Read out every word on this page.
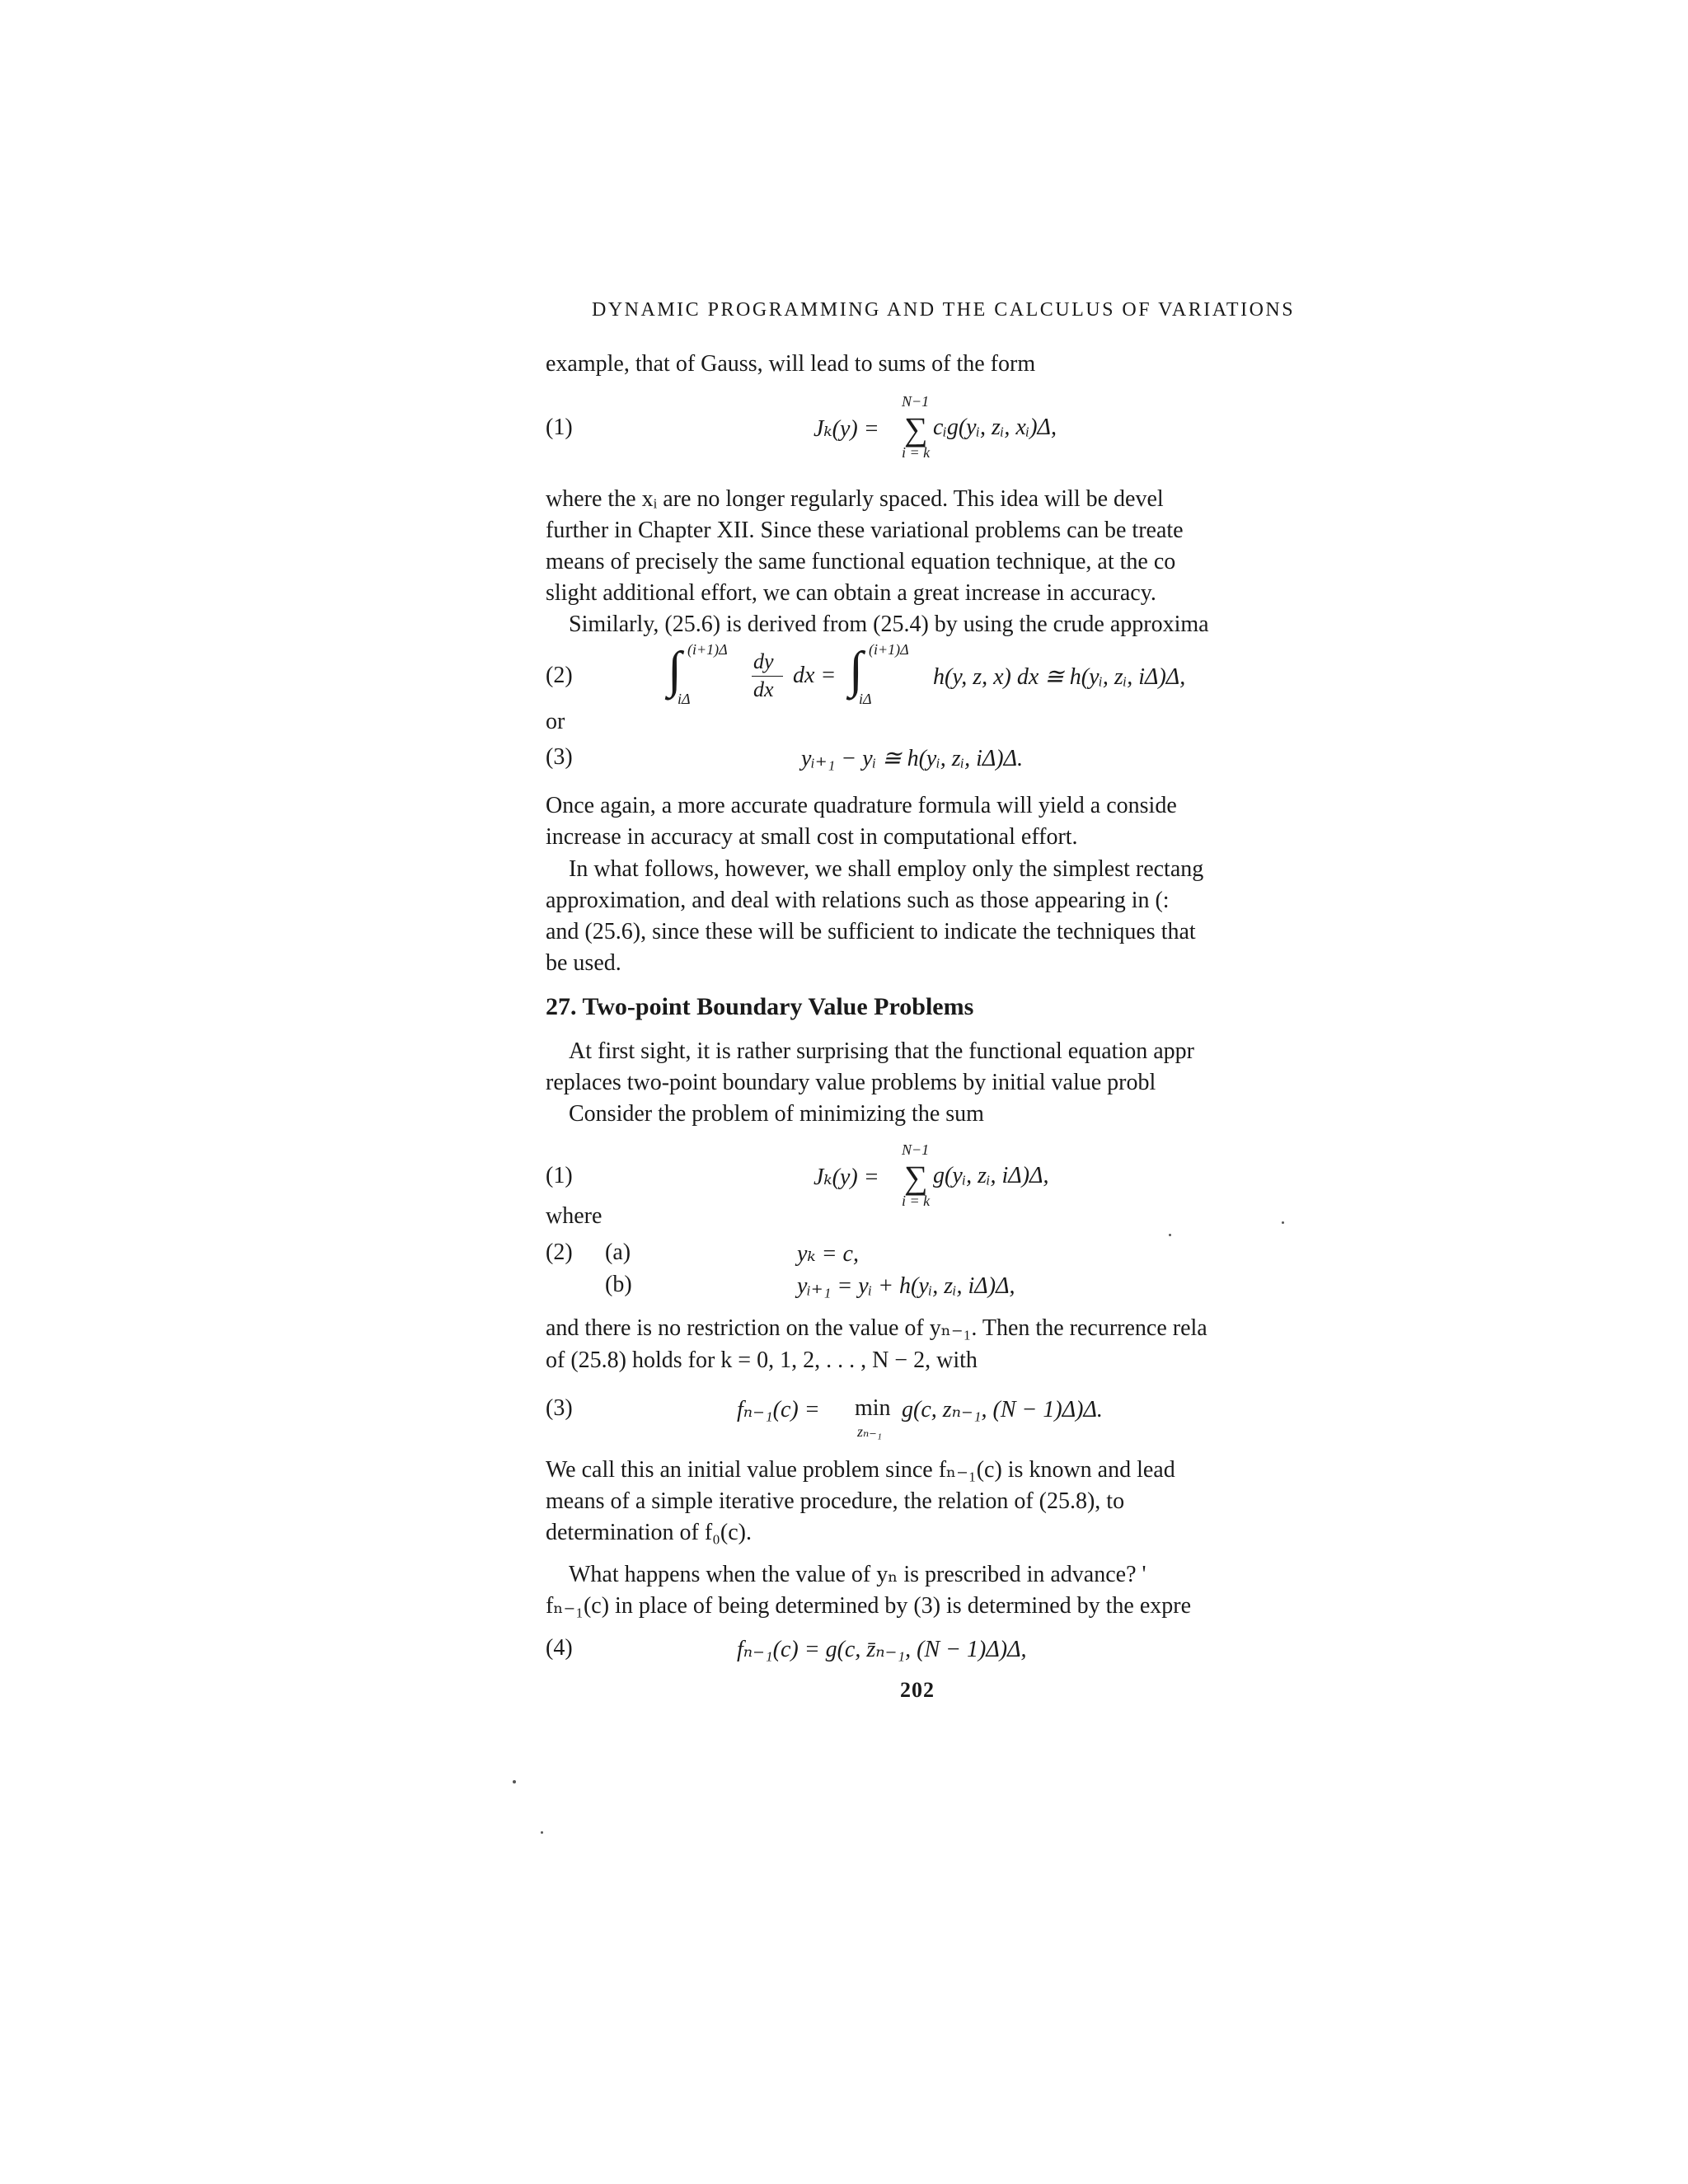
DYNAMIC PROGRAMMING AND THE CALCULUS OF VARIATIONS
example, that of Gauss, will lead to sums of the form
(1)	Jₖ(y) =
N−1
∑
i = k
cᵢg(yᵢ, zᵢ, xᵢ)Δ,
where the xᵢ are no longer regularly spaced. This idea will be devel
further in Chapter XII. Since these variational problems can be treate
means of precisely the same functional equation technique, at the co
slight additional effort, we can obtain a great increase in accuracy.
Similarly, (25.6) is derived from (25.4) by using the crude approxima
(2) ∫ (i+1)Δ
iΔ
dy
dx
dx = ∫ (i+1)Δ
iΔ
h(y, z, x) dx ≅ h(yᵢ, zᵢ, iΔ)Δ,
or
(3)	yᵢ₊₁ − yᵢ ≅ h(yᵢ, zᵢ, iΔ)Δ.
Once again, a more accurate quadrature formula will yield a conside
increase in accuracy at small cost in computational effort.
In what follows, however, we shall employ only the simplest rectang
approximation, and deal with relations such as those appearing in (:
and (25.6), since these will be sufficient to indicate the techniques that
be used.
27. Two-point Boundary Value Problems
At first sight, it is rather surprising that the functional equation appr
replaces two-point boundary value problems by initial value probl
Consider the problem of minimizing the sum
(1)	Jₖ(y) =
N−1
∑
i = k
g(yᵢ, zᵢ, iΔ)Δ,
where
(2) (a)	yₖ = c,
(b)	yᵢ₊₁ = yᵢ + h(yᵢ, zᵢ, iΔ)Δ,
and there is no restriction on the value of yₙ₋₁. Then the recurrence rela
of (25.8) holds for k = 0, 1, 2, . . . , N − 2, with
(3)	fₙ₋₁(c) = min
zₙ₋₁
g(c, zₙ₋₁, (N − 1)Δ)Δ.
We call this an initial value problem since fₙ₋₁(c) is known and lead
means of a simple iterative procedure, the relation of (25.8), to
determination of f₀(c).
What happens when the value of yₙ is prescribed in advance? '
fₙ₋₁(c) in place of being determined by (3) is determined by the expre
(4)	fₙ₋₁(c) = g(c, z̄ₙ₋₁, (N − 1)Δ)Δ,
202
